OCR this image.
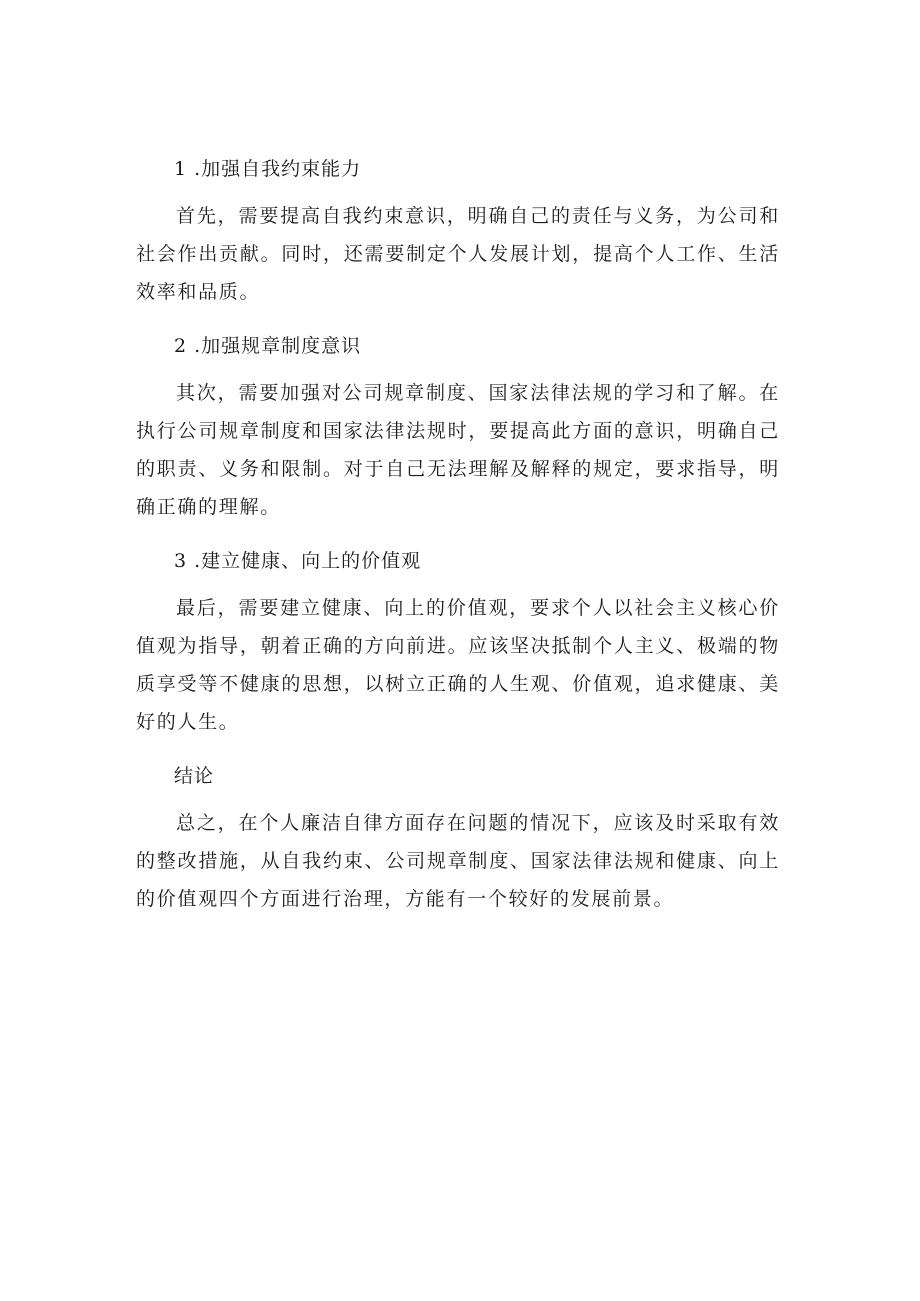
1 .加强自我约束能力

首先，需要提高自我约束意识，明确自己的责任与义务，为公司和社会作出贡献。同时，还需要制定个人发展计划，提高个人工作、生活效率和品质。

2 .加强规章制度意识

其次，需要加强对公司规章制度、国家法律法规的学习和了解。在执行公司规章制度和国家法律法规时，要提高此方面的意识，明确自己的职责、义务和限制。对于自己无法理解及解释的规定，要求指导，明确正确的理解。

3 .建立健康、向上的价值观

最后，需要建立健康、向上的价值观，要求个人以社会主义核心价值观为指导，朝着正确的方向前进。应该坚决抵制个人主义、极端的物质享受等不健康的思想，以树立正确的人生观、价值观，追求健康、美好的人生。

结论

总之，在个人廉洁自律方面存在问题的情况下，应该及时采取有效的整改措施，从自我约束、公司规章制度、国家法律法规和健康、向上的价值观四个方面进行治理，方能有一个较好的发展前景。
